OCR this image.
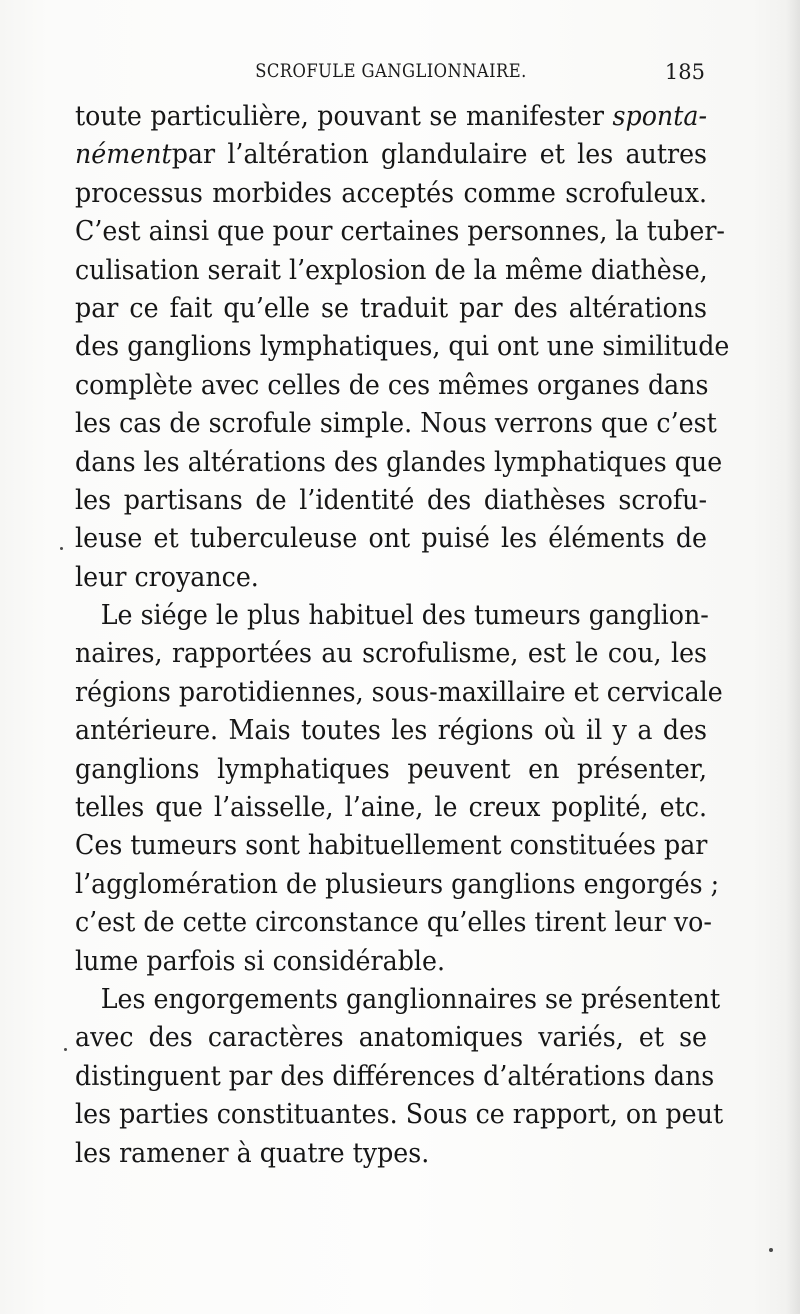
SCROFULE GANGLIONNAIRE.	185
toute particulière, pouvant se manifester sponta-
némentpar l’altération glandulaire et les autres
processus morbides acceptés comme scrofuleux.
C’est ainsi que pour certaines personnes, la tuber-
culisation serait l’explosion de la même diathèse,
par ce fait qu’elle se traduit par des altérations
des ganglions lymphatiques, qui ont une similitude
complète avec celles de ces mêmes organes dans
les cas de scrofule simple. Nous verrons que c’est
dans les altérations des glandes lymphatiques que
les partisans de l’identité des diathèses scrofu-
leuse et tuberculeuse ont puisé les éléments de
leur croyance.
Le siége le plus habituel des tumeurs ganglion-
naires, rapportées au scrofulisme, est le cou, les
régions parotidiennes, sous-maxillaire et cervicale
antérieure. Mais toutes les régions où il y a des
ganglions lymphatiques peuvent en présenter,
telles que l’aisselle, l’aine, le creux poplité, etc.
Ces tumeurs sont habituellement constituées par
l’agglomération de plusieurs ganglions engorgés ;
c’est de cette circonstance qu’elles tirent leur vo-
lume parfois si considérable.
Les engorgements ganglionnaires se présentent
avec des caractères anatomiques variés, et se
distinguent par des différences d’altérations dans
les parties constituantes. Sous ce rapport, on peut
les ramener à quatre types.
